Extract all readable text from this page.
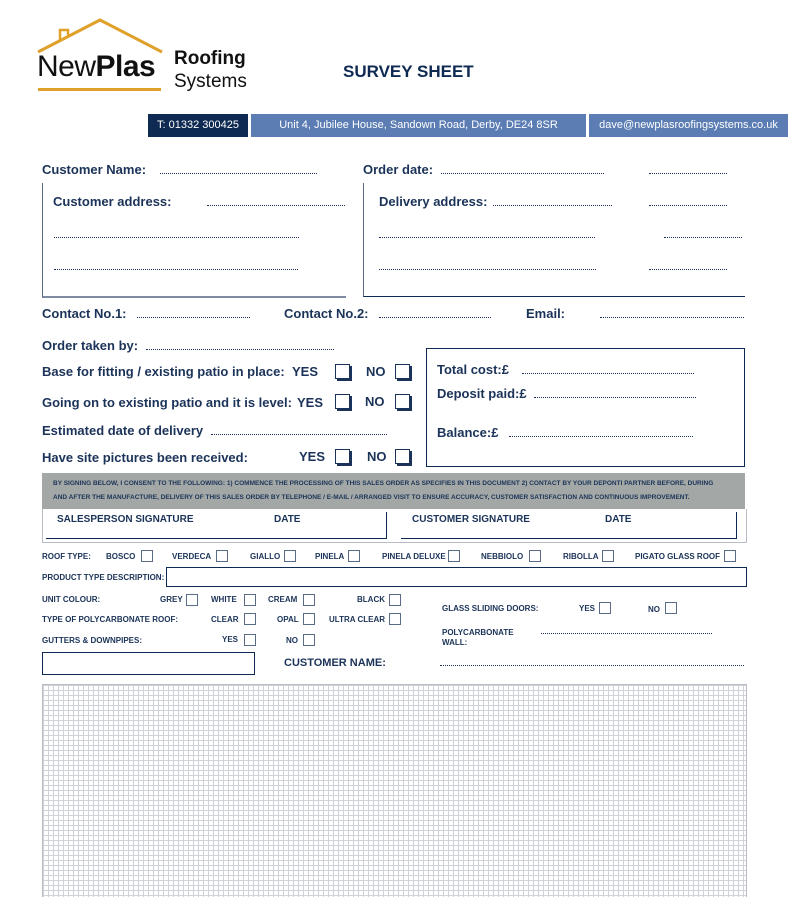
NewPlas Roofing
Systems	SURVEY SHEET
T: 01332 300425	Unit 4, Jubilee House, Sandown Road, Derby, DE24 8SR	dave@newplasroofingsystems.co.uk
Customer Name:	Order date:
Customer address:	Delivery address:
Contact No.1:	Contact No.2:	Email:
Order taken by:
Base for fitting / existing patio in place: YES	NO
Going on to existing patio and it is level: YES	NO
Estimated date of delivery
Have site pictures been received:	YES	NO
Total cost:£
Deposit paid:£
Balance:£
BY SIGNING BELOW, I CONSENT TO THE FOLLOWING: 1) COMMENCE THE PROCESSING OF THIS SALES ORDER AS SPECIFIES IN THIS DOCUMENT 2) CONTACT BY YOUR DEPONTI PARTNER BEFORE, DURING
AND AFTER THE MANUFACTURE, DELIVERY OF THIS SALES ORDER BY TELEPHONE / E-MAIL / ARRANGED VISIT TO ENSURE ACCURACY, CUSTOMER SATISFACTION AND CONTINUOUS IMPROVEMENT.
SALESPERSON SIGNATURE	DATE	CUSTOMER SIGNATURE	DATE
ROOF TYPE: BOSCO	VERDECA	GIALLO	PINELA	PINELA DELUXE	NEBBIOLO	RIBOLLA	PIGATO GLASS ROOF
PRODUCT TYPE DESCRIPTION:
UNIT COLOUR:	GREY	WHITE	CREAM	BLACK
TYPE OF POLYCARBONATE ROOF:	CLEAR	OPAL	ULTRA CLEAR
GUTTERS & DOWNPIPES:	YES	NO
GLASS SLIDING DOORS:	YES	NO
POLYCARBONATE
WALL:
CUSTOMER NAME:
